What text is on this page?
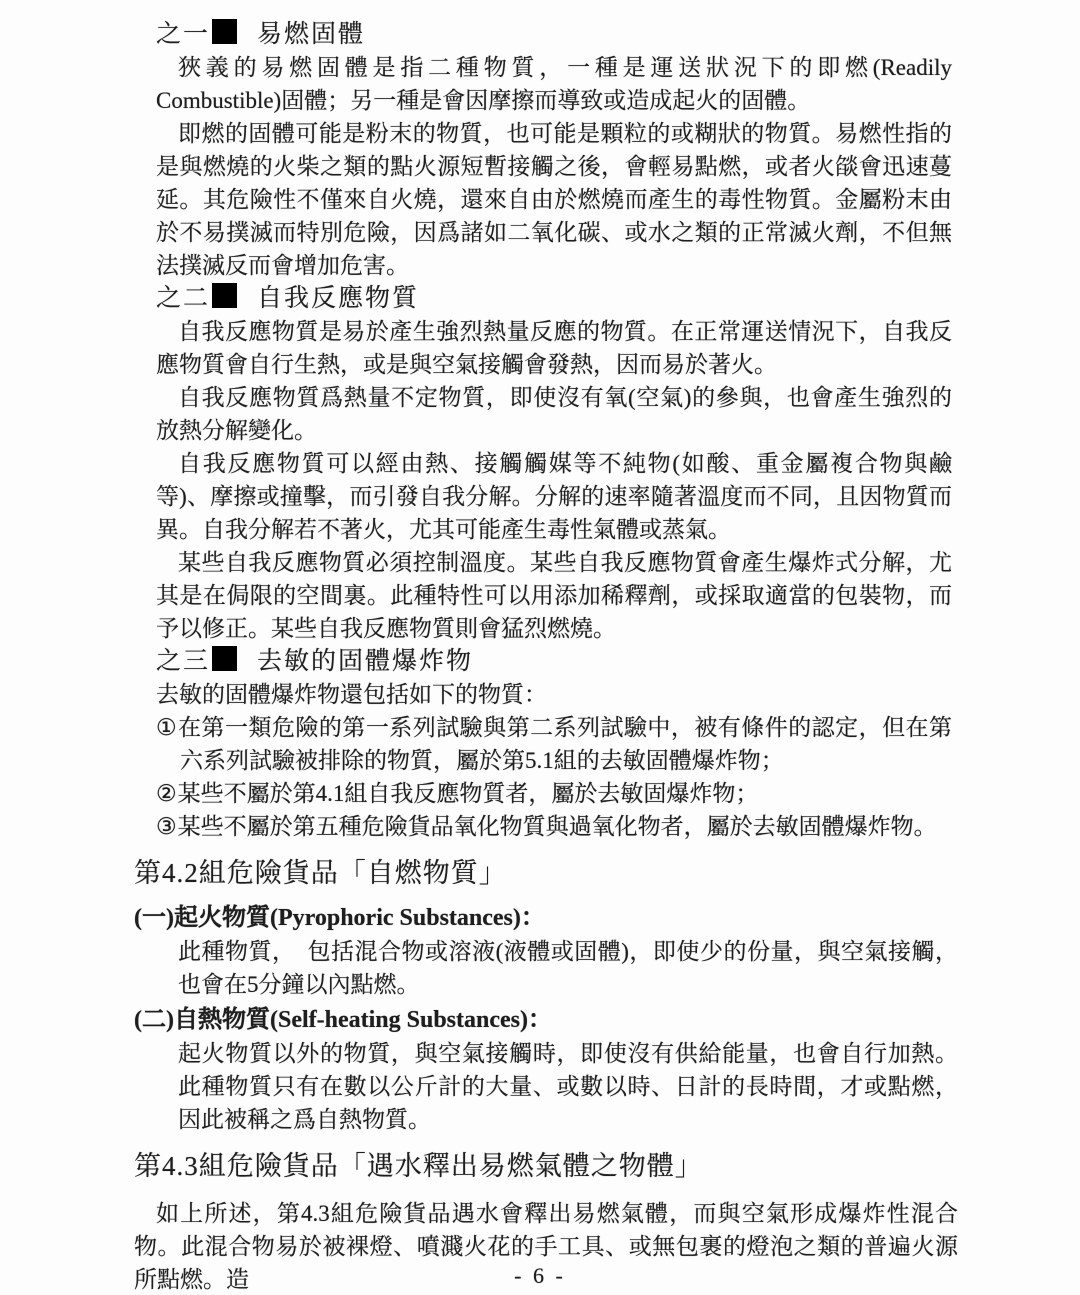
之一 易燃固體

狹義的易燃固體是指二種物質，一種是運送狀況下的即燃(Readily Combustible)固體；另一種是會因摩擦而導致或造成起火的固體。

即燃的固體可能是粉末的物質，也可能是顆粒的或糊狀的物質。易燃性指的是與燃燒的火柴之類的點火源短暫接觸之後，會輕易點燃，或者火燄會迅速蔓延。其危險性不僅來自火燒，還來自由於燃燒而產生的毒性物質。金屬粉末由於不易撲滅而特別危險，因爲諸如二氧化碳、或水之類的正常滅火劑，不但無法撲滅反而會增加危害。

之二 自我反應物質

自我反應物質是易於產生強烈熱量反應的物質。在正常運送情況下，自我反應物質會自行生熱，或是與空氣接觸會發熱，因而易於著火。

自我反應物質爲熱量不定物質，即使沒有氧(空氣)的參與，也會產生強烈的放熱分解變化。

自我反應物質可以經由熱、接觸觸媒等不純物(如酸、重金屬複合物與鹼等)、摩擦或撞擊，而引發自我分解。分解的速率隨著溫度而不同，且因物質而異。自我分解若不著火，尤其可能產生毒性氣體或蒸氣。

某些自我反應物質必須控制溫度。某些自我反應物質會產生爆炸式分解，尤其是在侷限的空間裏。此種特性可以用添加稀釋劑，或採取適當的包裝物，而予以修正。某些自我反應物質則會猛烈燃燒。

之三 去敏的固體爆炸物

去敏的固體爆炸物還包括如下的物質：

①在第一類危險的第一系列試驗與第二系列試驗中，被有條件的認定，但在第六系列試驗被排除的物質，屬於第5.1組的去敏固體爆炸物；

②某些不屬於第4.1組自我反應物質者，屬於去敏固爆炸物；

③某些不屬於第五種危險貨品氧化物質與過氧化物者，屬於去敏固體爆炸物。

第4.2組危險貨品「自燃物質」
(一)起火物質(Pyrophoric Substances)：

此種物質，　包括混合物或溶液(液體或固體)，即使少的份量，與空氣接觸，也會在5分鐘以內點燃。

(二)自熱物質(Self-heating Substances)：

起火物質以外的物質，與空氣接觸時，即使沒有供給能量，也會自行加熱。此種物質只有在數以公斤計的大量、或數以時、日計的長時間，才或點燃，因此被稱之爲自熱物質。

第4.3組危險貨品「遇水釋出易燃氣體之物體」

如上所述，第4.3組危險貨品遇水會釋出易燃氣體，而與空氣形成爆炸性混合物。此混合物易於被裸燈、噴濺火花的手工具、或無包裹的燈泡之類的普遍火源所點燃。造	- 6 -
